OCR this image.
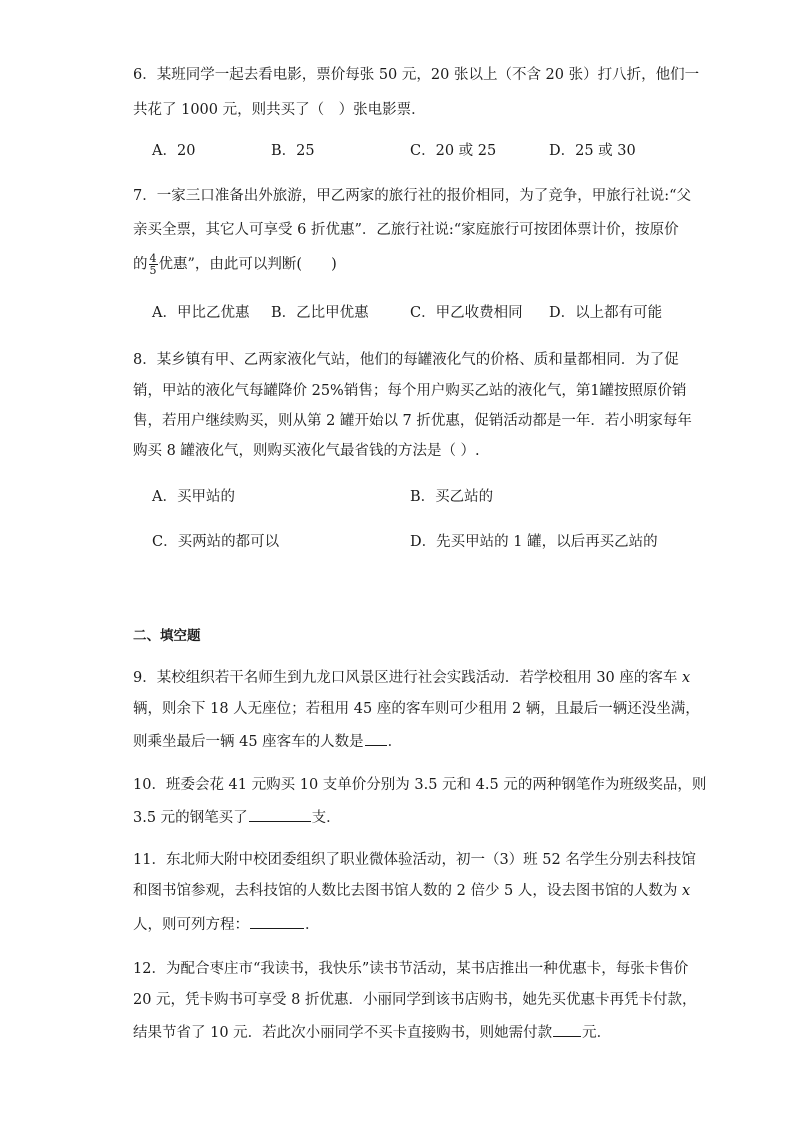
6．某班同学一起去看电影，票价每张 50 元，20 张以上（不含 20 张）打八折，他们一
共花了 1000 元，则共买了（　）张电影票．
A．20	B．25	C．20 或 25	D．25 或 30
7．一家三口准备出外旅游，甲乙两家的旅行社的报价相同，为了竞争，甲旅行社说:“父
亲买全票，其它人可享受 6 折优惠”．乙旅行社说:“家庭旅行可按团体票计价，按原价
的 $\frac{4}{5}$ 优惠”，由此可以判断(　　)
A．甲比乙优惠 B．乙比甲优惠	C．甲乙收费相同 D．以上都有可能
8．某乡镇有甲、乙两家液化气站，他们的每罐液化气的价格、质和量都相同．为了促
销，甲站的液化气每罐降价 25%销售；每个用户购买乙站的液化气，第1罐按照原价销
售，若用户继续购买，则从第 2 罐开始以 7 折优惠，促销活动都是一年．若小明家每年
购买 8 罐液化气，则购买液化气最省钱的方法是（ ）.
A．买甲站的	B．买乙站的
C．买两站的都可以	D．先买甲站的 1 罐，以后再买乙站的
二、填空题
9．某校组织若干名师生到九龙口风景区进行社会实践活动．若学校租用 30 座的客车 x
辆，则余下 18 人无座位；若租用 45 座的客车则可少租用 2 辆，且最后一辆还没坐满，
则乘坐最后一辆 45 座客车的人数是 ．
10．班委会花 41 元购买 10 支单价分别为 3.5 元和 4.5 元的两种钢笔作为班级奖品，则
3.5 元的钢笔买了	支．
11．东北师大附中校团委组织了职业微体验活动，初一（3）班 52 名学生分别去科技馆
和图书馆参观，去科技馆的人数比去图书馆人数的 2 倍少 5 人，设去图书馆的人数为 x
人，则可列方程：	．
12．为配合枣庄市“我读书，我快乐”读书节活动，某书店推出一种优惠卡，每张卡售价
20 元，凭卡购书可享受 8 折优惠．小丽同学到该书店购书，她先买优惠卡再凭卡付款，
结果节省了 10 元．若此次小丽同学不买卡直接购书，则她需付款 元．
